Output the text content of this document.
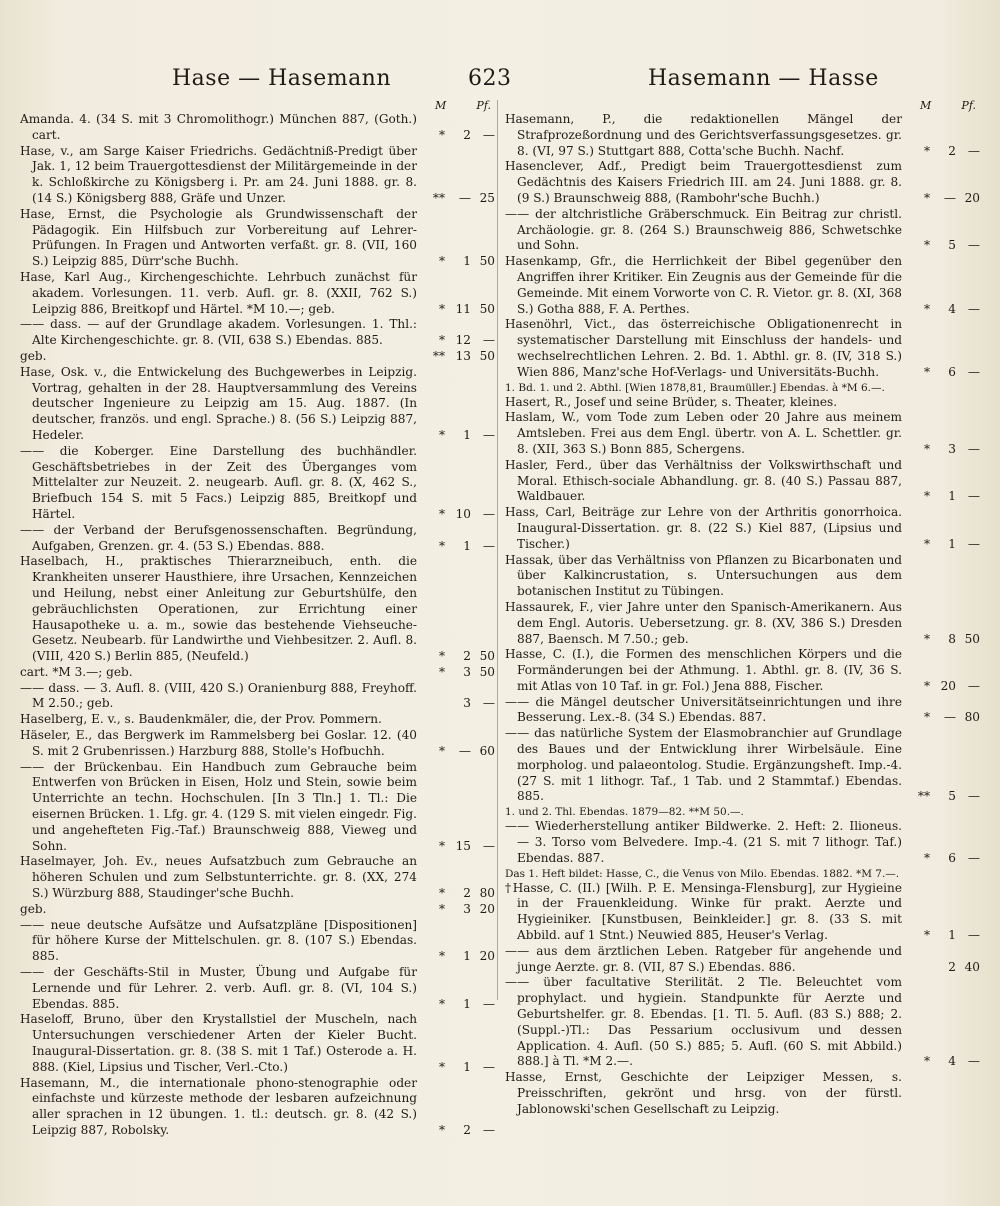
Hase — Hasemann	623	Hasemann — Hasse
M	Pf.
Amanda. 4. (34 S. mit 3 Chromolithogr.) München 887, (Goth.) cart.	*	2 —
Hase, v., am Sarge Kaiser Friedrichs. Gedächtniß-Predigt über Jak. 1, 12 beim Trauergottesdienst der Militärgemeinde in der k. Schloßkirche zu Königsberg i. Pr. am 24. Juni 1888. gr. 8. (14 S.) Königsberg 888, Gräfe und Unzer.	**	— 25
Hase, Ernst, die Psychologie als Grundwissenschaft der Pädagogik. Ein Hilfsbuch zur Vorbereitung auf Lehrer-Prüfungen. In Fragen und Antworten verfaßt. gr. 8. (VII, 160 S.) Leipzig 885, Dürr'sche Buchh.	*	1 50
Hase, Karl Aug., Kirchengeschichte. Lehrbuch zunächst für akadem. Vorlesungen. 11. verb. Aufl. gr. 8. (XXII, 762 S.) Leipzig 886, Breitkopf und Härtel. *M 10.—; geb.	* 11 50
—— dass. — auf der Grundlage akadem. Vorlesungen. 1. Thl.: Alte Kirchengeschichte. gr. 8. (VII, 638 S.) Ebendas. 885.	* 12 —
geb.	** 13 50
Hase, Osk. v., die Entwickelung des Buchgewerbes in Leipzig. Vortrag, gehalten in der 28. Hauptversammlung des Vereins deutscher Ingenieure zu Leipzig am 15. Aug. 1887. (In deutscher, französ. und engl. Sprache.) 8. (56 S.) Leipzig 887, Hedeler.	*	1 —
—— die Koberger. Eine Darstellung des buchhändler. Geschäftsbetriebes in der Zeit des Überganges vom Mittelalter zur Neuzeit. 2. neugearb. Aufl. gr. 8. (X, 462 S., Briefbuch 154 S. mit 5 Facs.) Leipzig 885, Breitkopf und Härtel.	* 10 —
—— der Verband der Berufsgenossenschaften. Begründung, Aufgaben, Grenzen. gr. 4. (53 S.) Ebendas. 888.	*	1 —
Haselbach, H., praktisches Thierarzneibuch, enth. die Krankheiten unserer Hausthiere, ihre Ursachen, Kennzeichen und Heilung, nebst einer Anleitung zur Geburtshülfe, den gebräuchlichsten Operationen, zur Errichtung einer Hausapotheke u. a. m., sowie das bestehende Viehseuche-Gesetz. Neubearb. für Landwirthe und Viehbesitzer. 2. Aufl. 8. (VIII, 420 S.) Berlin 885, (Neufeld.)	*	2 50
cart. *M 3.—; geb.	*	3 50
—— dass. — 3. Aufl. 8. (VIII, 420 S.) Oranienburg 888, Freyhoff. M 2.50.; geb.	3 —
Haselberg, E. v., s. Baudenkmäler, die, der Prov. Pommern.
Häseler, E., das Bergwerk im Rammelsberg bei Goslar. 12. (40 S. mit 2 Grubenrissen.) Harzburg 888, Stolle's Hofbuchh.	*	— 60
—— der Brückenbau. Ein Handbuch zum Gebrauche beim Entwerfen von Brücken in Eisen, Holz und Stein, sowie beim Unterrichte an techn. Hochschulen. [In 3 Tln.] 1. Tl.: Die eisernen Brücken. 1. Lfg. gr. 4. (129 S. mit vielen eingedr. Fig. und angehefteten Fig.-Taf.) Braunschweig 888, Vieweg und Sohn.	* 15 —
Haselmayer, Joh. Ev., neues Aufsatzbuch zum Gebrauche an höheren Schulen und zum Selbstunterrichte. gr. 8. (XX, 274 S.) Würzburg 888, Staudinger'sche Buchh.	*	2 80
geb.	*	3 20
—— neue deutsche Aufsätze und Aufsatzpläne [Dispositionen] für höhere Kurse der Mittelschulen. gr. 8. (107 S.) Ebendas. 885.	*	1 20
—— der Geschäfts-Stil in Muster, Übung und Aufgabe für Lernende und für Lehrer. 2. verb. Aufl. gr. 8. (VI, 104 S.) Ebendas. 885.	*	1 —
Haseloff, Bruno, über den Krystallstiel der Muscheln, nach Untersuchungen verschiedener Arten der Kieler Bucht. Inaugural-Dissertation. gr. 8. (38 S. mit 1 Taf.) Osterode a. H. 888. (Kiel, Lipsius und Tischer, Verl.-Cto.)	*	1 —
Hasemann, M., die internationale phono-stenographie oder einfachste und kürzeste methode der lesbaren aufzeichnung aller sprachen in 12 übungen. 1. tl.: deutsch. gr. 8. (42 S.) Leipzig 887, Robolsky.	*	2 —
M	Pf.
Hasemann, P., die redaktionellen Mängel der Strafprozeßordnung und des Gerichtsverfassungsgesetzes. gr. 8. (VI, 97 S.) Stuttgart 888, Cotta'sche Buchh. Nachf.	*	2 —
Hasenclever, Adf., Predigt beim Trauergottesdienst zum Gedächtnis des Kaisers Friedrich III. am 24. Juni 1888. gr. 8. (9 S.) Braunschweig 888, (Rambohr'sche Buchh.)	*	— 20
—— der altchristliche Gräberschmuck. Ein Beitrag zur christl. Archäologie. gr. 8. (264 S.) Braunschweig 886, Schwetschke und Sohn.	*	5 —
Hasenkamp, Gfr., die Herrlichkeit der Bibel gegenüber den Angriffen ihrer Kritiker. Ein Zeugnis aus der Gemeinde für die Gemeinde. Mit einem Vorworte von C. R. Vietor. gr. 8. (XI, 368 S.) Gotha 888, F. A. Perthes.	*	4 —
Hasenöhrl, Vict., das österreichische Obligationenrecht in systematischer Darstellung mit Einschluss der handels- und wechselrechtlichen Lehren. 2. Bd. 1. Abthl. gr. 8. (IV, 318 S.) Wien 886, Manz'sche Hof-Verlags- und Universitäts-Buchh.	*	6 —
1. Bd. 1. und 2. Abthl. [Wien 1878,81, Braumüller.] Ebendas. à *M 6.—.
Hasert, R., Josef und seine Brüder, s. Theater, kleines.
Haslam, W., vom Tode zum Leben oder 20 Jahre aus meinem Amtsleben. Frei aus dem Engl. übertr. von A. L. Schettler. gr. 8. (XII, 363 S.) Bonn 885, Schergens.	*	3 —
Hasler, Ferd., über das Verhältniss der Volkswirthschaft und Moral. Ethisch-sociale Abhandlung. gr. 8. (40 S.) Passau 887, Waldbauer.	*	1 —
Hass, Carl, Beiträge zur Lehre von der Arthritis gonorrhoica. Inaugural-Dissertation. gr. 8. (22 S.) Kiel 887, (Lipsius und Tischer.)	*	1 —
Hassak, über das Verhältniss von Pflanzen zu Bicarbonaten und über Kalkincrustation, s. Untersuchungen aus dem botanischen Institut zu Tübingen.
Hassaurek, F., vier Jahre unter den Spanisch-Amerikanern. Aus dem Engl. Autoris. Uebersetzung. gr. 8. (XV, 386 S.) Dresden 887, Baensch. M 7.50.; geb.	*	8 50
Hasse, C. (I.), die Formen des menschlichen Körpers und die Formänderungen bei der Athmung. 1. Abthl. gr. 8. (IV, 36 S. mit Atlas von 10 Taf. in gr. Fol.) Jena 888, Fischer.	* 20 —
—— die Mängel deutscher Universitätseinrichtungen und ihre Besserung. Lex.-8. (34 S.) Ebendas. 887.	*	— 80
—— das natürliche System der Elasmobranchier auf Grundlage des Baues und der Entwicklung ihrer Wirbelsäule. Eine morpholog. und palaeontolog. Studie. Ergänzungsheft. Imp.-4. (27 S. mit 1 lithogr. Taf., 1 Tab. und 2 Stammtaf.) Ebendas. 885.	**	5 —
1. und 2. Thl. Ebendas. 1879—82. **M 50.—.
—— Wiederherstellung antiker Bildwerke. 2. Heft: 2. Ilioneus. — 3. Torso vom Belvedere. Imp.-4. (21 S. mit 7 lithogr. Taf.) Ebendas. 887.	*	6 —
Das 1. Heft bildet: Hasse, C., die Venus von Milo. Ebendas. 1882. *M 7.—.
†Hasse, C. (II.) [Wilh. P. E. Mensinga-Flensburg], zur Hygieine in der Frauenkleidung. Winke für prakt. Aerzte und Hygieiniker. [Kunstbusen, Beinkleider.] gr. 8. (33 S. mit Abbild. auf 1 Stnt.) Neuwied 885, Heuser's Verlag.	*	1 —
—— aus dem ärztlichen Leben. Ratgeber für angehende und junge Aerzte. gr. 8. (VII, 87 S.) Ebendas. 886.	2 40
—— über facultative Sterilität. 2 Tle. Beleuchtet vom prophylact. und hygiein. Standpunkte für Aerzte und Geburtshelfer. gr. 8. Ebendas. [1. Tl. 5. Aufl. (83 S.) 888; 2. (Suppl.-)Tl.: Das Pessarium occlusivum und dessen Application. 4. Aufl. (50 S.) 885; 5. Aufl. (60 S. mit Abbild.) 888.] à Tl. *M 2.—.	*	4 —
Hasse, Ernst, Geschichte der Leipziger Messen, s. Preisschriften, gekrönt und hrsg. von der fürstl. Jablonowski'schen Gesellschaft zu Leipzig.
